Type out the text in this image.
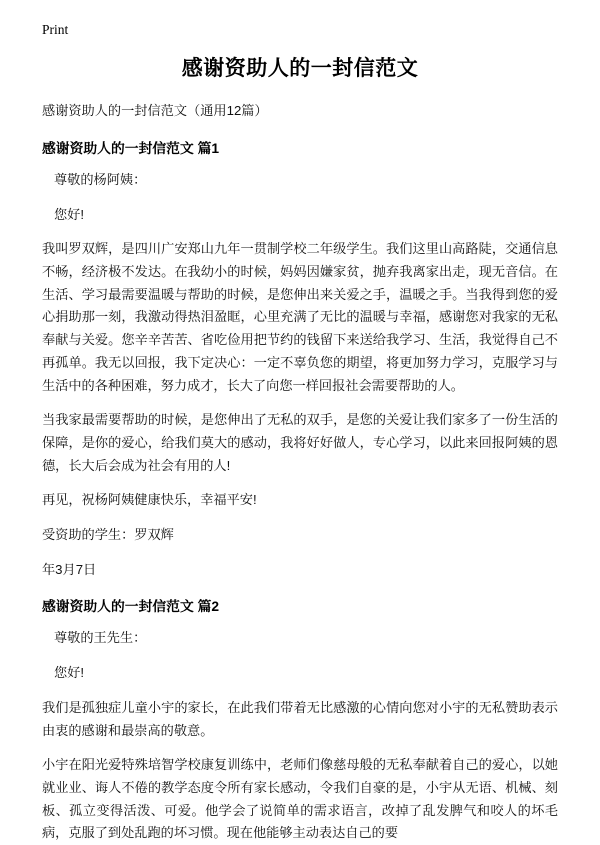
Print
感谢资助人的一封信范文

感谢资助人的一封信范文（通用12篇）

感谢资助人的一封信范文 篇1

尊敬的杨阿姨：

您好!

我叫罗双辉，是四川广安郑山九年一贯制学校二年级学生。我们这里山高路陡，交通信息不畅，经济极不发达。在我幼小的时候，妈妈因嫌家贫，抛弃我离家出走，现无音信。在生活、学习最需要温暖与帮助的时候，是您伸出来关爱之手，温暖之手。当我得到您的爱心捐助那一刻，我激动得热泪盈眶，心里充满了无比的温暖与幸福，感谢您对我家的无私奉献与关爱。您辛辛苦苦、省吃俭用把节约的钱留下来送给我学习、生活，我觉得自己不再孤单。我无以回报，我下定决心：一定不辜负您的期望，将更加努力学习，克服学习与生活中的各种困难，努力成才，长大了向您一样回报社会需要帮助的人。

当我家最需要帮助的时候，是您伸出了无私的双手，是您的关爱让我们家多了一份生活的保障，是你的爱心，给我们莫大的感动，我将好好做人，专心学习，以此来回报阿姨的恩德，长大后会成为社会有用的人!

再见，祝杨阿姨健康快乐，幸福平安!

受资助的学生：罗双辉

年3月7日

感谢资助人的一封信范文 篇2

尊敬的王先生：

您好!

我们是孤独症儿童小宇的家长，在此我们带着无比感激的心情向您对小宇的无私赞助表示由衷的感谢和最崇高的敬意。

小宇在阳光爱特殊培智学校康复训练中，老师们像慈母般的无私奉献着自己的爱心，以她就业业、诲人不倦的教学态度令所有家长感动，令我们自豪的是，小宇从无语、机械、刻板、孤立变得活泼、可爱。他学会了说简单的需求语言，改掉了乱发脾气和咬人的坏毛病，克服了到处乱跑的坏习惯。现在他能够主动表达自己的要
